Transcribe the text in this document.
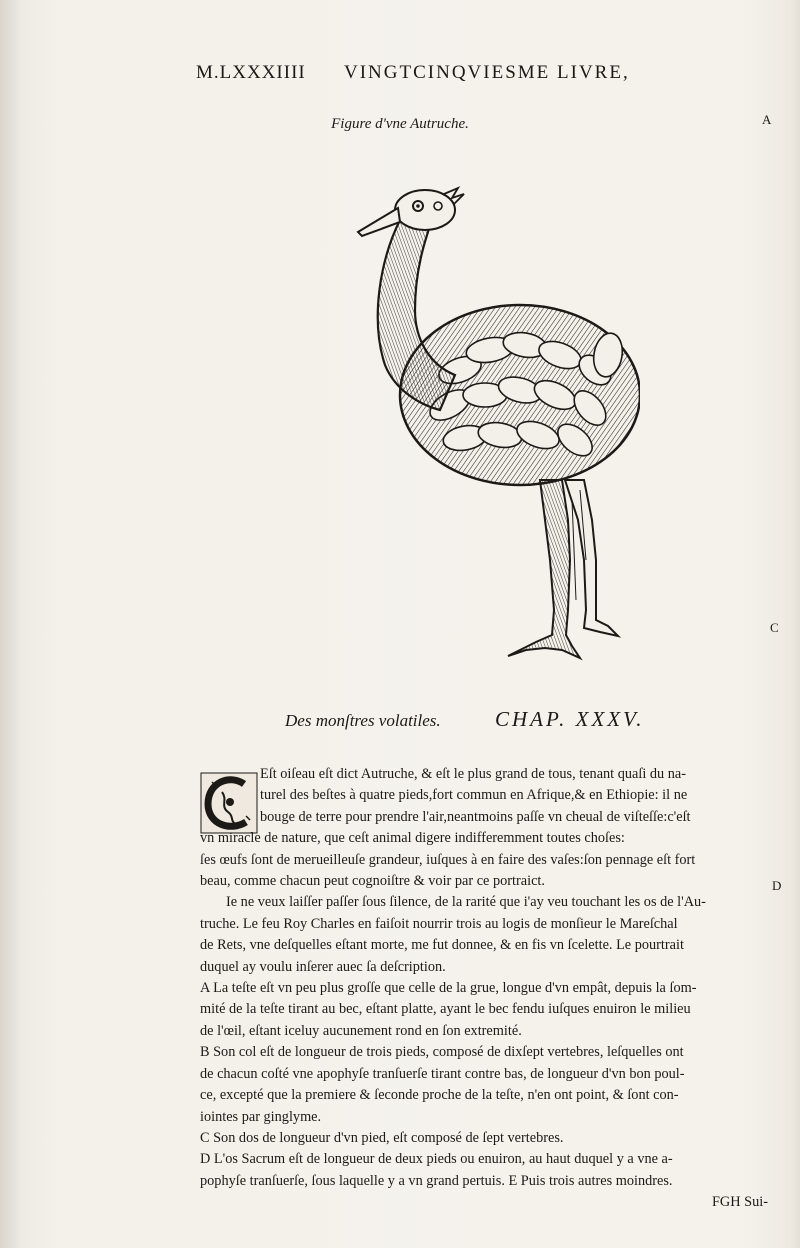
M.LXXXIIII VINGTCINQVIESME LIVRE,
A
C
D
Figure d'vne Autruche.
Des monſtres volatiles.	CHAP. XXXV.
Eſt oiſeau eſt dict Autruche, & eſt le plus grand de tous, tenant quaſi du na-
turel des beſtes à quatre pieds,fort commun en Afrique,& en Ethiopie: il ne
bouge de terre pour prendre l'air,neantmoins paſſe vn cheual de viſteſſe:c'eſt
vn miracle de nature, que ceſt animal digere indifferemment toutes choſes:
ſes œufs ſont de merueilleuſe grandeur, iuſques à en faire des vaſes:ſon pennage eſt fort
beau, comme chacun peut cognoiſtre & voir par ce portraict.
Ie ne veux laiſſer paſſer ſous ſilence, de la rarité que i'ay veu touchant les os de l'Au-
truche. Le feu Roy Charles en faiſoit nourrir trois au logis de monſieur le Mareſchal
de Rets, vne deſquelles eſtant morte, me fut donnee, & en fis vn ſcelette. Le pourtrait
duquel ay voulu inſerer auec ſa deſcription.
A La teſte eſt vn peu plus groſſe que celle de la grue, longue d'vn empât, depuis la ſom-
mité de la teſte tirant au bec, eſtant plattе, ayant le bec fendu iuſques enuiron le milieu
de l'œil, eſtant iceluy aucunement rond en ſon extremité.
B Son col eſt de longueur de trois pieds, composé de dixſept vertebres, leſquelles ont
de chacun coſté vne apophyſe tranſuerſe tirant contre bas, de longueur d'vn bon poul-
ce, excepté que la premiere & ſeconde proche de la teſte, n'en ont point, & ſont con-
iointes par ginglyme.
C Son dos de longueur d'vn pied, eſt composé de ſept vertebres.
D L'os Sacrum eſt de longueur de deux pieds ou enuiron, au haut duquel y a vne a-
pophyſe tranſuerſe, ſous laquelle y a vn grand pertuis. E Puis trois autres moindres.
FGH Sui-
